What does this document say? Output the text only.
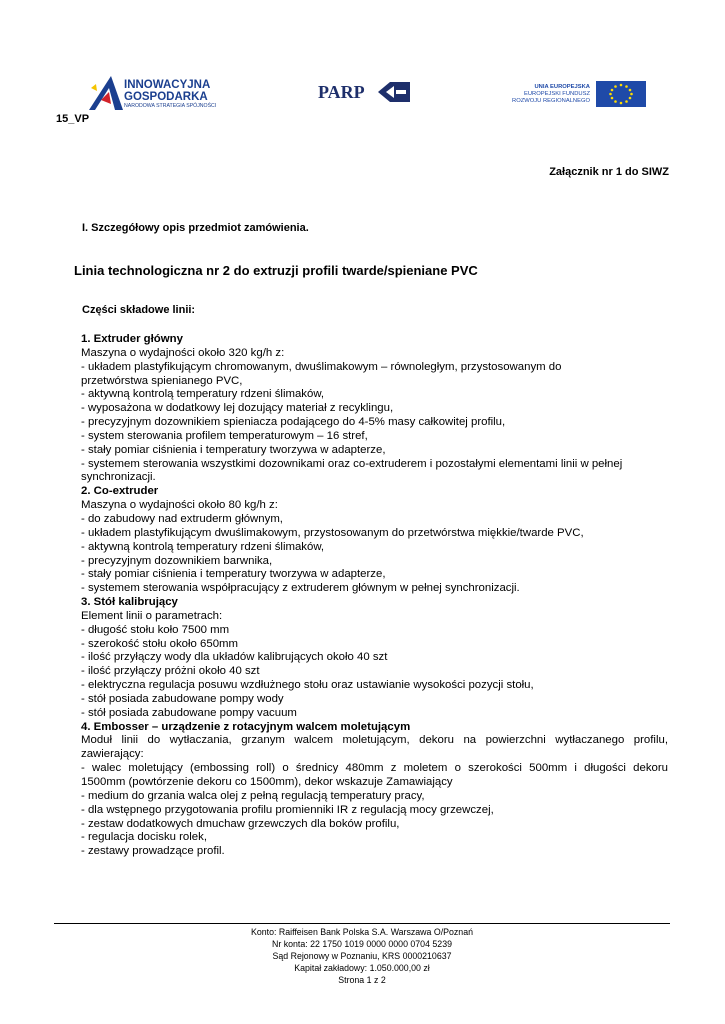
INNOWACYJNA
GOSPODARKA
NARODOWA STRATEGIA SPÓJNOŚCI
PARP	UNIA EUROPEJSKA
EUROPEJSKI FUNDUSZ
ROZWOJU REGIONALNEGO
15_VP
Załącznik nr 1 do SIWZ
I. Szczegółowy opis przedmiot zamówienia.
Linia technologiczna nr 2 do extruzji profili twarde/spieniane PVC
Części składowe linii:

1. Extruder główny

Maszyna o wydajności około 320 kg/h z:

- układem plastyfikującym chromowanym, dwuślimakowym – równoległym, przystosowanym do

przetwórstwa spienianego PVC,

- aktywną kontrolą temperatury rdzeni ślimaków,

- wyposażona w dodatkowy lej dozujący materiał z recyklingu,

- precyzyjnym dozownikiem spieniacza podającego do 4-5% masy całkowitej profilu,

- system sterowania profilem temperaturowym – 16 stref,

- stały pomiar ciśnienia i temperatury tworzywa w adapterze,

- systemem sterowania wszystkimi dozownikami oraz co-extruderem i pozostałymi elementami linii w pełnej

synchronizacji.

2. Co-extruder

Maszyna o wydajności około 80 kg/h z:

- do zabudowy nad extruderm głównym,

- układem plastyfikującym dwuślimakowym, przystosowanym do przetwórstwa miękkie/twarde PVC,

- aktywną kontrolą temperatury rdzeni ślimaków,

- precyzyjnym dozownikiem barwnika,

- stały pomiar ciśnienia i temperatury tworzywa w adapterze,

- systemem sterowania współpracujący z extruderem głównym w pełnej synchronizacji.

3. Stół kalibrujący

Element linii o parametrach:

- długość stołu koło 7500 mm

- szerokość stołu około 650mm

- ilość przyłączy wody dla układów kalibrujących około 40 szt

- ilość przyłączy próżni około 40 szt

- elektryczna regulacja posuwu wzdłużnego stołu oraz ustawianie wysokości pozycji stołu,

- stół posiada zabudowane pompy wody

- stół posiada zabudowane pompy vacuum

4. Embosser – urządzenie z rotacyjnym walcem moletującym

Moduł linii do wytłaczania, grzanym walcem moletującym, dekoru na powierzchni wytłaczanego profilu,

zawierający:

- walec moletujący (embossing roll) o średnicy 480mm z moletem o szerokości 500mm i długości dekoru

1500mm (powtórzenie dekoru co 1500mm), dekor wskazuje Zamawiający

- medium do grzania walca olej z pełną regulacją temperatury pracy,

- dla wstępnego przygotowania profilu promienniki IR z regulacją mocy grzewczej,

- zestaw dodatkowych dmuchaw grzewczych dla boków profilu,

- regulacja docisku rolek,

- zestawy prowadzące profil.

Konto: Raiffeisen Bank Polska S.A. Warszawa O/Poznań
Nr konta: 22 1750 1019 0000 0000 0704 5239
Sąd Rejonowy w Poznaniu, KRS 0000210637
Kapitał zakładowy: 1.050.000,00 zł
Strona 1 z 2
